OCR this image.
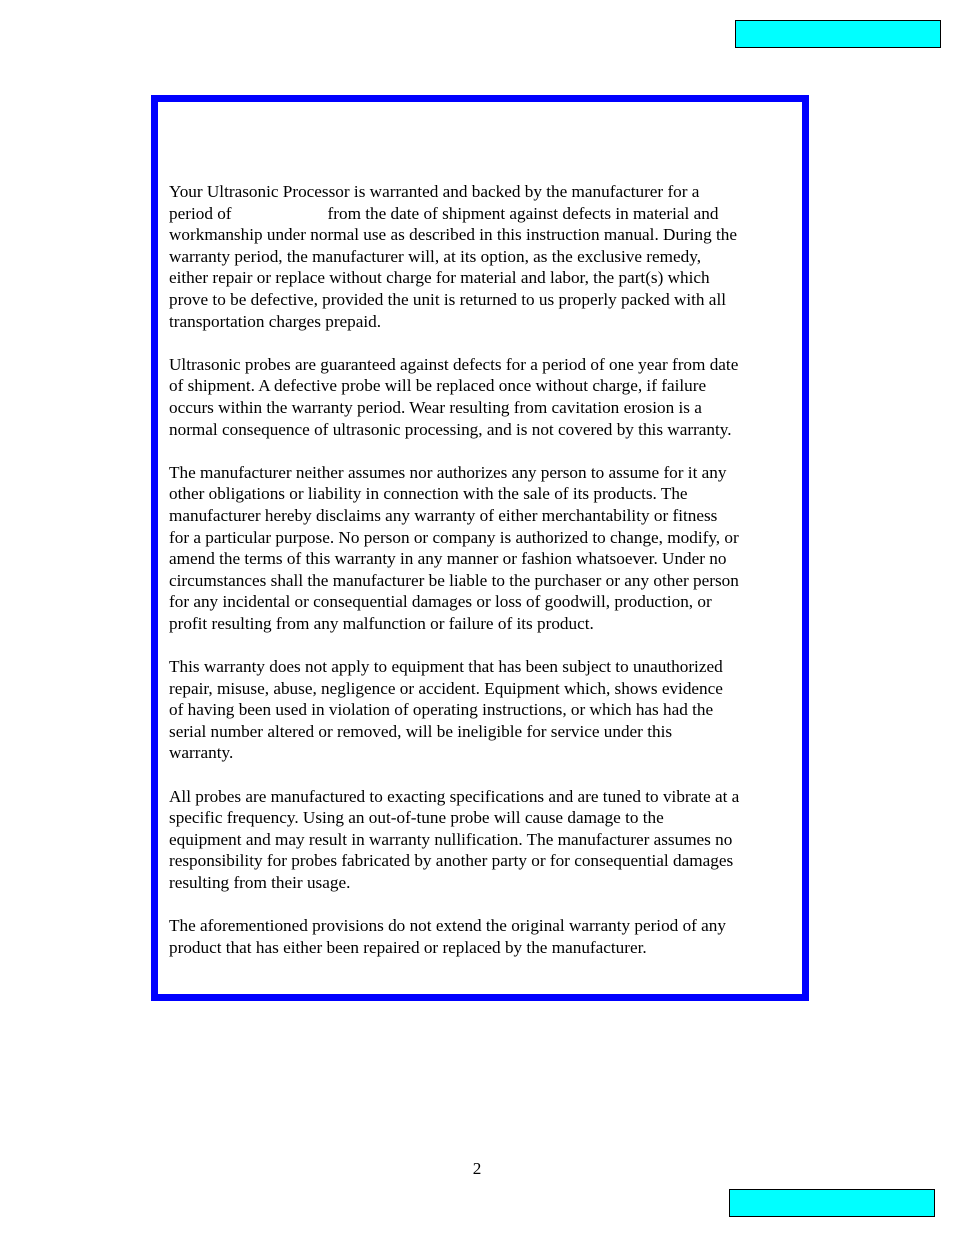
Your Ultrasonic Processor is warranted and backed by the manufacturer for a
period of	from the date of shipment against defects in material and
workmanship under normal use as described in this instruction manual. During the
warranty period, the manufacturer will, at its option, as the exclusive remedy,
either repair or replace without charge for material and labor, the part(s) which
prove to be defective, provided the unit is returned to us properly packed with all
transportation charges prepaid.

Ultrasonic probes are guaranteed against defects for a period of one year from date
of shipment. A defective probe will be replaced once without charge, if failure
occurs within the warranty period. Wear resulting from cavitation erosion is a
normal consequence of ultrasonic processing, and is not covered by this warranty.

The manufacturer neither assumes nor authorizes any person to assume for it any
other obligations or liability in connection with the sale of its products. The
manufacturer hereby disclaims any warranty of either merchantability or fitness
for a particular purpose. No person or company is authorized to change, modify, or
amend the terms of this warranty in any manner or fashion whatsoever. Under no
circumstances shall the manufacturer be liable to the purchaser or any other person
for any incidental or consequential damages or loss of goodwill, production, or
profit resulting from any malfunction or failure of its product.

This warranty does not apply to equipment that has been subject to unauthorized
repair, misuse, abuse, negligence or accident. Equipment which, shows evidence
of having been used in violation of operating instructions, or which has had the
serial number altered or removed, will be ineligible for service under this
warranty.

All probes are manufactured to exacting specifications and are tuned to vibrate at a
specific frequency. Using an out-of-tune probe will cause damage to the
equipment and may result in warranty nullification. The manufacturer assumes no
responsibility for probes fabricated by another party or for consequential damages
resulting from their usage.

The aforementioned provisions do not extend the original warranty period of any
product that has either been repaired or replaced by the manufacturer.

2
